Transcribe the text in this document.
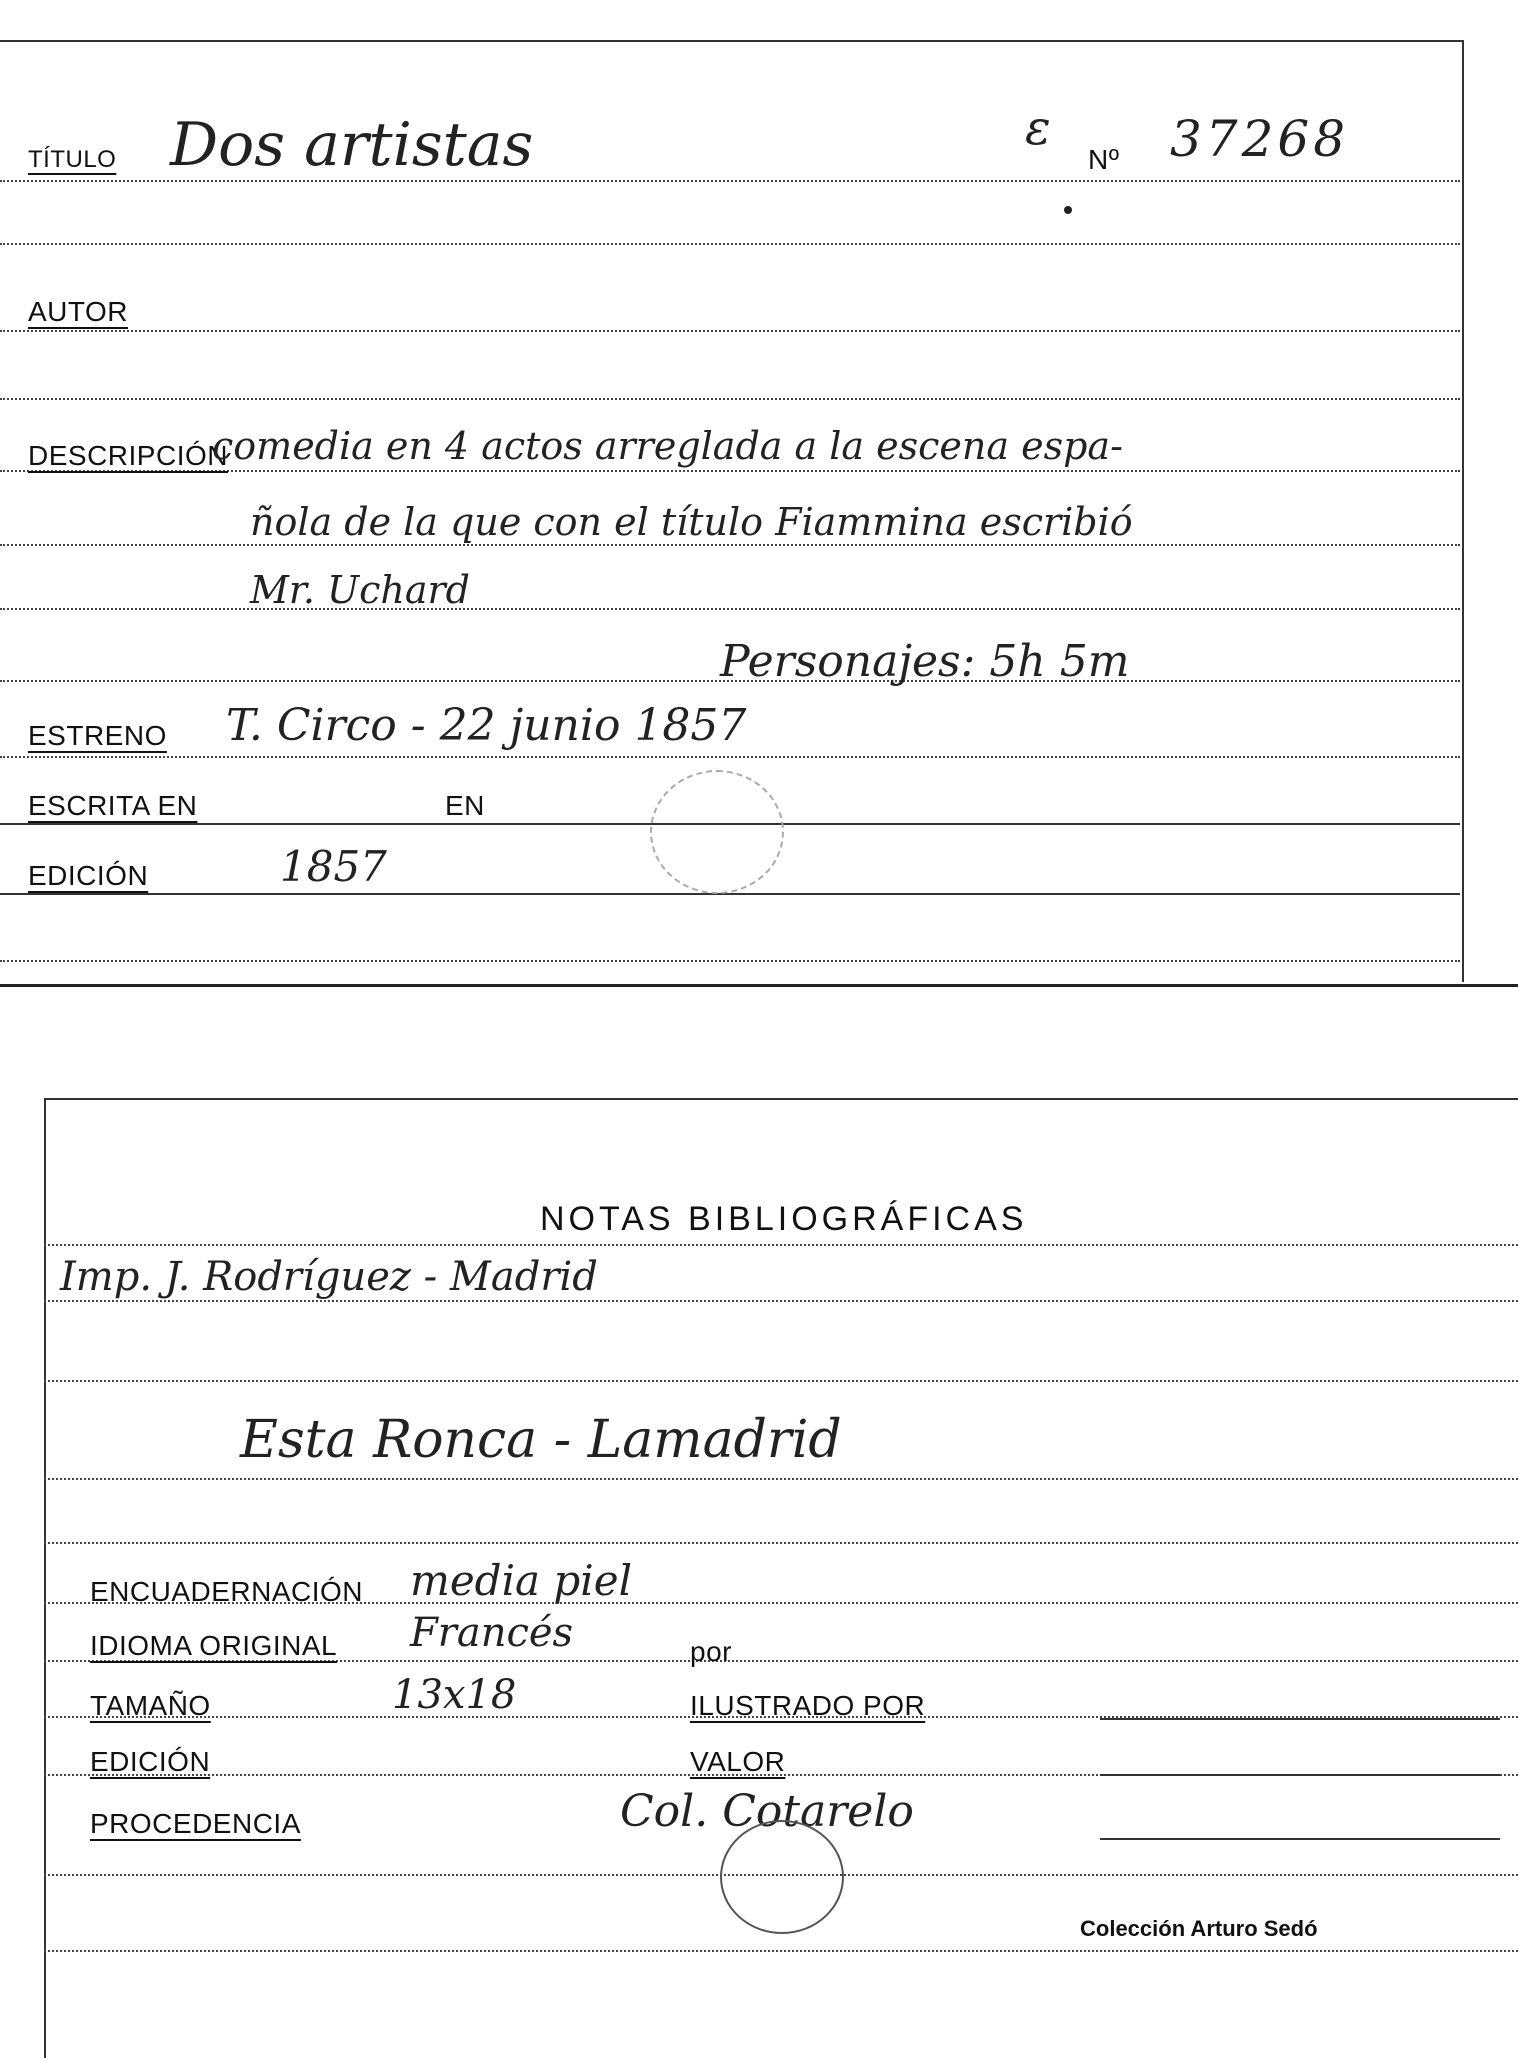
TÍTULO Dos artistas	ε
Nº 37268
AUTOR
DESCRIPCIÓN
comedia en 4 actos arreglada a la escena espa-
ñola de la que con el título Fiammina escribió
Mr. Uchard
Personajes: 5h 5m
ESTRENO T. Circo - 22 junio 1857
ESCRITA EN	EN
EDICIÓN	1857
NOTAS BIBLIOGRÁFICAS
Imp. J. Rodríguez - Madrid
Esta Ronca - Lamadrid
ENCUADERNACIÓN media piel
IDIOMA ORIGINAL Francés	por
TAMAÑO	13x18	ILUSTRADO POR
EDICIÓN	VALOR
PROCEDENCIA	Col. Cotarelo
Colección Arturo Sedó
